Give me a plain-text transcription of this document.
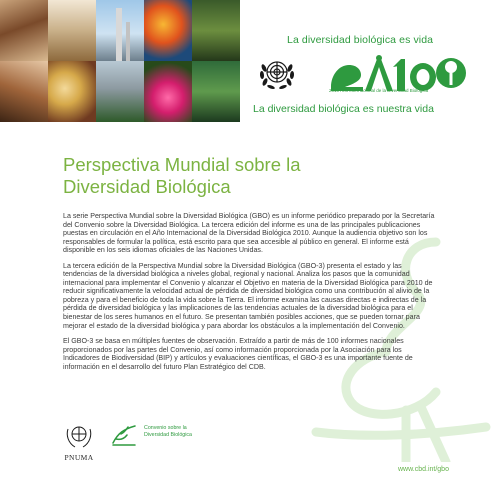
La diversidad biológica es vida
2010 Año Internacional de la Diversidad Biológica
La diversidad biológica es nuestra vida
Perspectiva Mundial sobre la
Diversidad Biológica

La serie Perspectiva Mundial sobre la Diversidad Biológica (GBO) es un informe periódico preparado por la Secretaría del Convenio sobre la Diversidad Biológica. La tercera edición del informe es una de las principales publicaciones puestas en circulación en el Año Internacional de la Diversidad Biológica 2010. Aunque la audiencia objetivo son los responsables de formular la política, está escrito para que sea accesible al público en general. El informe está disponible en los seis idiomas oficiales de las Naciones Unidas.

La tercera edición de la Perspectiva Mundial sobre la Diversidad Biológica (GBO-3) presenta el estado y las tendencias de la diversidad biológica a niveles global, regional y nacional. Analiza los pasos que la comunidad internacional para implementar el Convenio y alcanzar el Objetivo en materia de la Diversidad Biológica para 2010 de reducir significativamente la velocidad actual de pérdida de diversidad biológica como una contribución al alivio de la pobreza y para el beneficio de toda la vida sobre la Tierra. El informe examina las causas directas e indirectas de la pérdida de diversidad biológica y las implicaciones de las tendencias actuales de la diversidad biológica para el bienestar de los seres humanos en el futuro. Se presentan también posibles acciones, que se pueden tornar para mejorar el estado de la diversidad biológica y para abordar los obstáculos a la implementación del Convenio.

El GBO-3 se basa en múltiples fuentes de observación. Extraído a partir de más de 100 informes nacionales proporcionados por las partes del Convenio, así como información proporcionada por la Asociación para los Indicadores de Biodiversidad (BIP) y artículos y evaluaciones científicas, el GBO-3 es una importante fuente de información en el desarrollo del futuro Plan Estratégico del CDB.

PNUMA
Convenio sobre la
Diversidad Biológica
www.cbd.int/gbo
